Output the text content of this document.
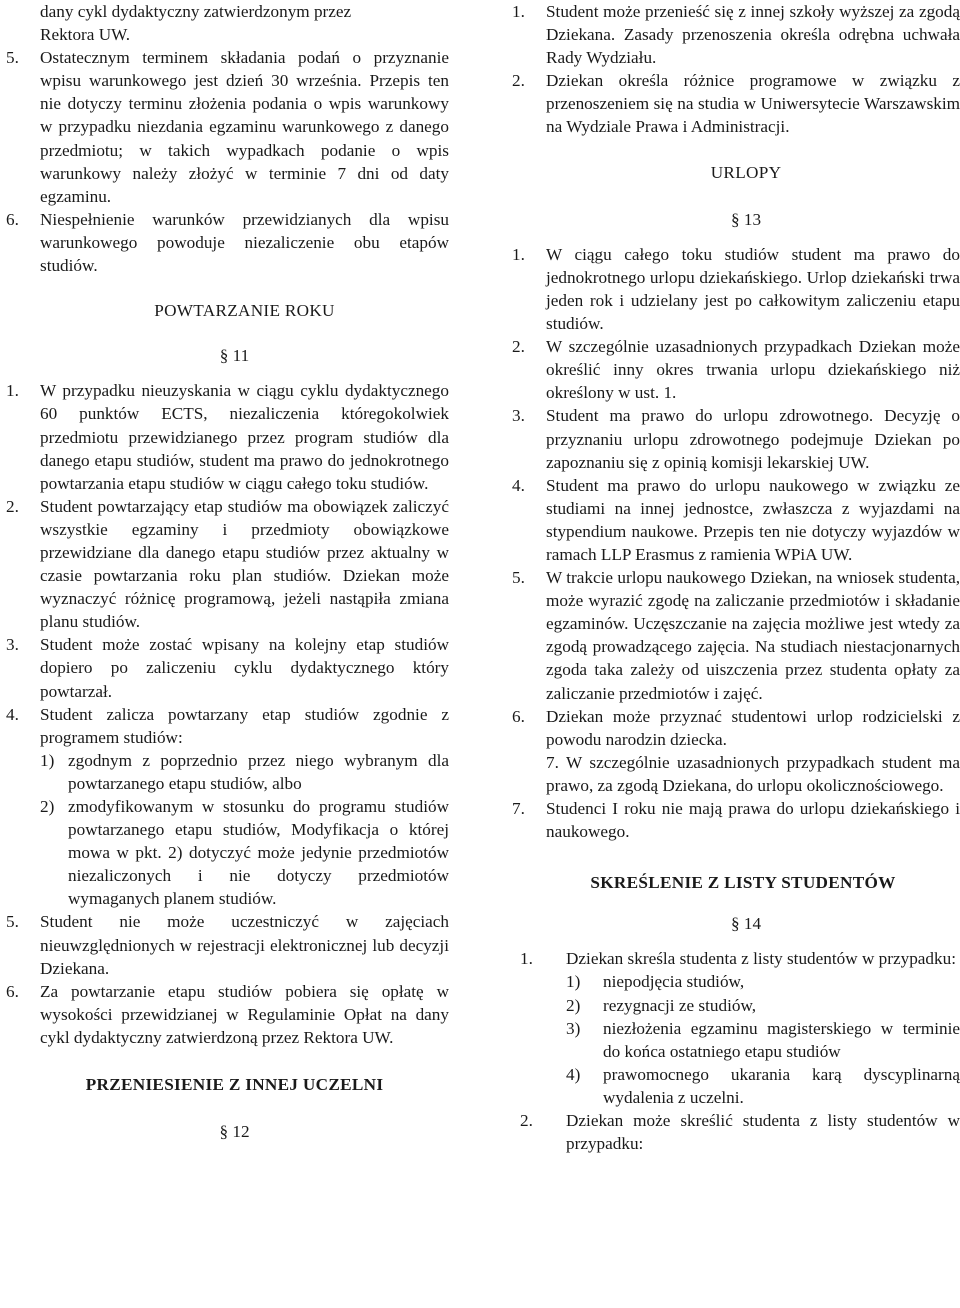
dany cykl dydaktyczny zatwierdzonym przez
Rektora UW.
5.	Ostatecznym terminem składania podań o przyznanie wpisu warunkowego jest dzień 30 września. Przepis ten nie dotyczy terminu złożenia podania o wpis warunkowy w przypadku niezdania egzaminu warunkowego z danego przedmiotu; w takich wypadkach podanie o wpis warunkowy należy złożyć w terminie 7 dni od daty egzaminu.
6.	Niespełnienie warunków przewidzianych dla wpisu warunkowego powoduje niezaliczenie obu etapów studiów.
POWTARZANIE ROKU
§ 11
1.	W przypadku nieuzyskania w ciągu cyklu dydaktycznego 60 punktów ECTS, niezaliczenia któregokolwiek przedmiotu przewidzianego przez program studiów dla danego etapu studiów, student ma prawo do jednokrotnego powtarzania etapu studiów w ciągu całego toku studiów.
2.	Student powtarzający etap studiów ma obowiązek zaliczyć wszystkie egzaminy i przedmioty obowiązkowe przewidziane dla danego etapu studiów przez aktualny w czasie powtarzania roku plan studiów. Dziekan może wyznaczyć różnicę programową, jeżeli nastąpiła zmiana planu studiów.
3.	Student może zostać wpisany na kolejny etap studiów dopiero po zaliczeniu cyklu dydaktycznego który powtarzał.
4.	Student zalicza powtarzany etap studiów zgodnie z programem studiów:
1) zgodnym z poprzednio przez niego wybranym dla powtarzanego etapu studiów, albo
2) zmodyfikowanym w stosunku do programu studiów powtarzanego etapu studiów, Modyfikacja o której mowa w pkt. 2) dotyczyć może jedynie przedmiotów niezaliczonych i nie dotyczy przedmiotów wymaganych planem studiów.
5.	Student nie może uczestniczyć w zajęciach nieuwzględnionych w rejestracji elektronicznej lub decyzji Dziekana.
6.	Za powtarzanie etapu studiów pobiera się opłatę w wysokości przewidzianej w Regulaminie Opłat na dany cykl dydaktyczny zatwierdzoną przez Rektora UW.
PRZENIESIENIE Z INNEJ UCZELNI
§ 12
1.	Student może przenieść się z innej szkoły wyższej za zgodą Dziekana. Zasady przenoszenia określa odrębna uchwała Rady Wydziału.
2.	Dziekan określa różnice programowe w związku z przenoszeniem się na studia w Uniwersytecie Warszawskim na Wydziale Prawa i Administracji.
URLOPY
§ 13
1.	W ciągu całego toku studiów student ma prawo do jednokrotnego urlopu dziekańskiego. Urlop dziekański trwa jeden rok i udzielany jest po całkowitym zaliczeniu etapu studiów.
2.	W szczególnie uzasadnionych przypadkach Dziekan może określić inny okres trwania urlopu dziekańskiego niż określony w ust. 1.
3.	Student ma prawo do urlopu zdrowotnego. Decyzję o przyznaniu urlopu zdrowotnego podejmuje Dziekan po zapoznaniu się z opinią komisji lekarskiej UW.
4.	Student ma prawo do urlopu naukowego w związku ze studiami na innej jednostce, zwłaszcza z wyjazdami na stypendium naukowe. Przepis ten nie dotyczy wyjazdów w ramach LLP Erasmus z ramienia WPiA UW.
5.	W trakcie urlopu naukowego Dziekan, na wniosek studenta, może wyrazić zgodę na zaliczanie przedmiotów i składanie egzaminów. Uczęszczanie na zajęcia możliwe jest wtedy za zgodą prowadzącego zajęcia. Na studiach niestacjonarnych zgoda taka zależy od uiszczenia przez studenta opłaty za zaliczanie przedmiotów i zajęć.
6.	Dziekan może przyznać studentowi urlop rodzicielski z powodu narodzin dziecka.
7. W szczególnie uzasadnionych przypadkach student ma prawo, za zgodą Dziekana, do urlopu okolicznościowego.
7.	Studenci I roku nie mają prawa do urlopu dziekańskiego i naukowego.
SKREŚLENIE Z LISTY STUDENTÓW
§ 14
1.	Dziekan skreśla studenta z listy studentów w przypadku:
1)	niepodjęcia studiów,
2)	rezygnacji ze studiów,
3)	niezłożenia egzaminu magisterskiego w terminie do końca ostatniego etapu studiów
4)	prawomocnego ukarania karą dyscyplinarną wydalenia z uczelni.
2.	Dziekan może skreślić studenta z listy studentów w przypadku:
